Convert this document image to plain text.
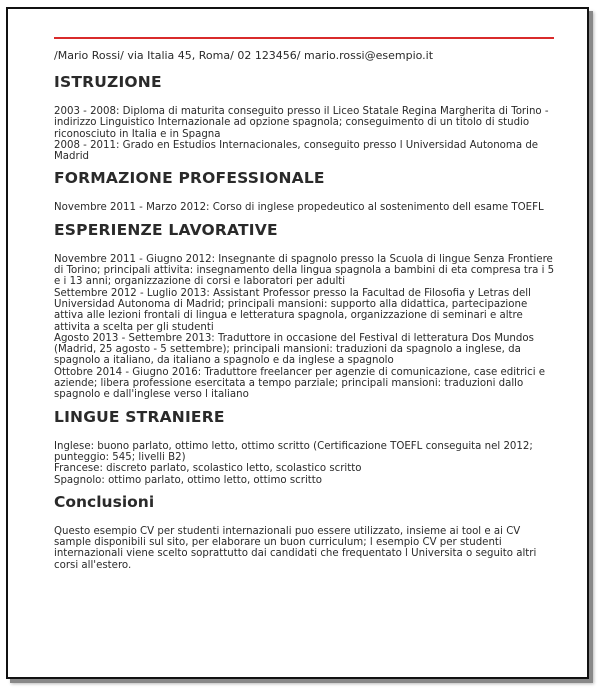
/Mario Rossi/ via Italia 45, Roma/ 02 123456/ mario.rossi@esempio.it

ISTRUZIONE

2003 - 2008: Diploma di maturita conseguito presso il Liceo Statale Regina Margherita di Torino - indirizzo Linguistico Internazionale ad opzione spagnola; conseguimento di un titolo di studio riconosciuto in Italia e in Spagna

2008 - 2011: Grado en Estudios Internacionales, conseguito presso l Universidad Autonoma de Madrid

FORMAZIONE PROFESSIONALE

Novembre 2011 - Marzo 2012: Corso di inglese propedeutico al sostenimento dell esame TOEFL

ESPERIENZE LAVORATIVE

Novembre 2011 - Giugno 2012: Insegnante di spagnolo presso la Scuola di lingue Senza Frontiere di Torino; principali attivita: insegnamento della lingua spagnola a bambini di eta compresa tra i 5 e i 13 anni; organizzazione di corsi e laboratori per adulti

Settembre 2012 - Luglio 2013: Assistant Professor presso la Facultad de Filosofia y Letras dell Universidad Autonoma di Madrid; principali mansioni: supporto alla didattica, partecipazione attiva alle lezioni frontali di lingua e letteratura spagnola, organizzazione di seminari e altre attivita a scelta per gli studenti

Agosto 2013 - Settembre 2013: Traduttore in occasione del Festival di letteratura Dos Mundos (Madrid, 25 agosto - 5 settembre); principali mansioni: traduzioni da spagnolo a inglese, da spagnolo a italiano, da italiano a spagnolo e da inglese a spagnolo

Ottobre 2014 - Giugno 2016: Traduttore freelancer per agenzie di comunicazione, case editrici e aziende; libera professione esercitata a tempo parziale; principali mansioni: traduzioni dallo spagnolo e dall'inglese verso l italiano

LINGUE STRANIERE

Inglese: buono parlato, ottimo letto, ottimo scritto (Certificazione TOEFL conseguita nel 2012; punteggio: 545; livelli B2)

Francese: discreto parlato, scolastico letto, scolastico scritto

Spagnolo: ottimo parlato, ottimo letto, ottimo scritto

Conclusioni

Questo esempio CV per studenti internazionali puo essere utilizzato, insieme ai tool e ai CV sample disponibili sul sito, per elaborare un buon curriculum; l esempio CV per studenti internazionali viene scelto soprattutto dai candidati che frequentato l Universita o seguito altri corsi all'estero.
